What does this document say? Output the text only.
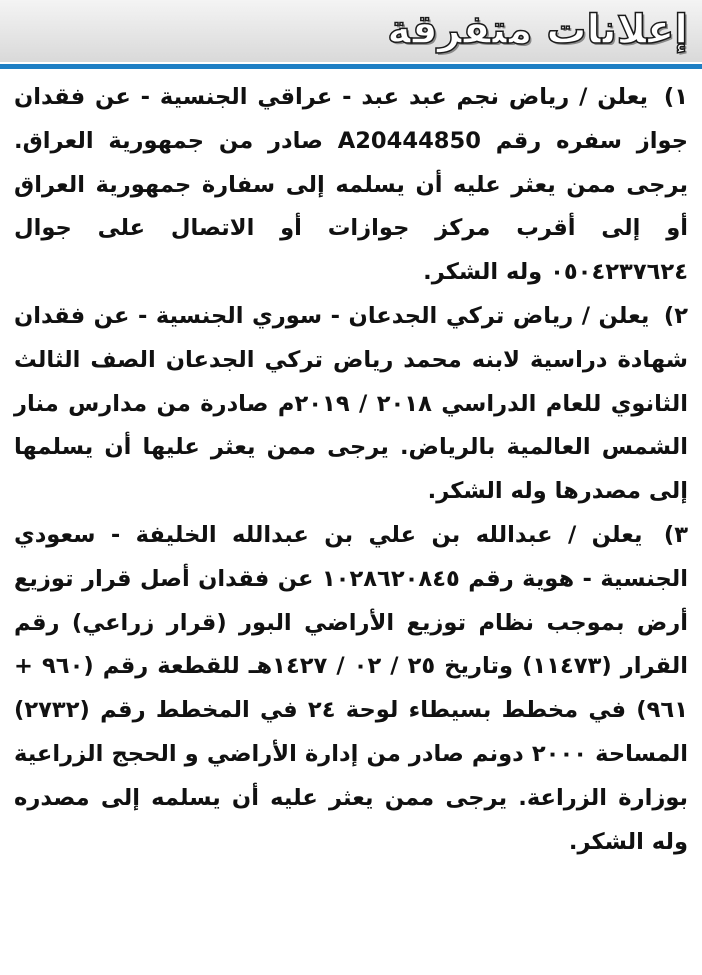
إعلانات متفرقة

١) يعلن / رياض نجم عبد عبد - عراقي الجنسية - عن فقدان جواز سفره رقم A20444850 صادر من جمهورية العراق. يرجى ممن يعثر عليه أن يسلمه إلى سفارة جمهورية العراق أو إلى أقرب مركز جوازات أو الاتصال على جوال ٠٥٠٤٢٣٧٦٢٤ وله الشكر.

٢) يعلن / رياض تركي الجدعان - سوري الجنسية - عن فقدان شهادة دراسية لابنه محمد رياض تركي الجدعان الصف الثالث الثانوي للعام الدراسي ٢٠١٨ / ٢٠١٩م صادرة من مدارس منار الشمس العالمية بالرياض. يرجى ممن يعثر عليها أن يسلمها إلى مصدرها وله الشكر.

٣) يعلن / عبدالله بن علي بن عبدالله الخليفة - سعودي الجنسية - هوية رقم ١٠٢٨٦٢٠٨٤٥ عن فقدان أصل قرار توزيع أرض بموجب نظام توزيع الأراضي البور (قرار زراعي) رقم القرار (١١٤٧٣) وتاريخ ٢٥ / ٠٢ / ١٤٢٧هـ للقطعة رقم (٩٦٠ + ٩٦١) في مخطط بسيطاء لوحة ٢٤ في المخطط رقم (٢٧٣٢) المساحة ٢٠٠٠ دونم صادر من إدارة الأراضي و الحجج الزراعية بوزارة الزراعة. يرجى ممن يعثر عليه أن يسلمه إلى مصدره وله الشكر.
